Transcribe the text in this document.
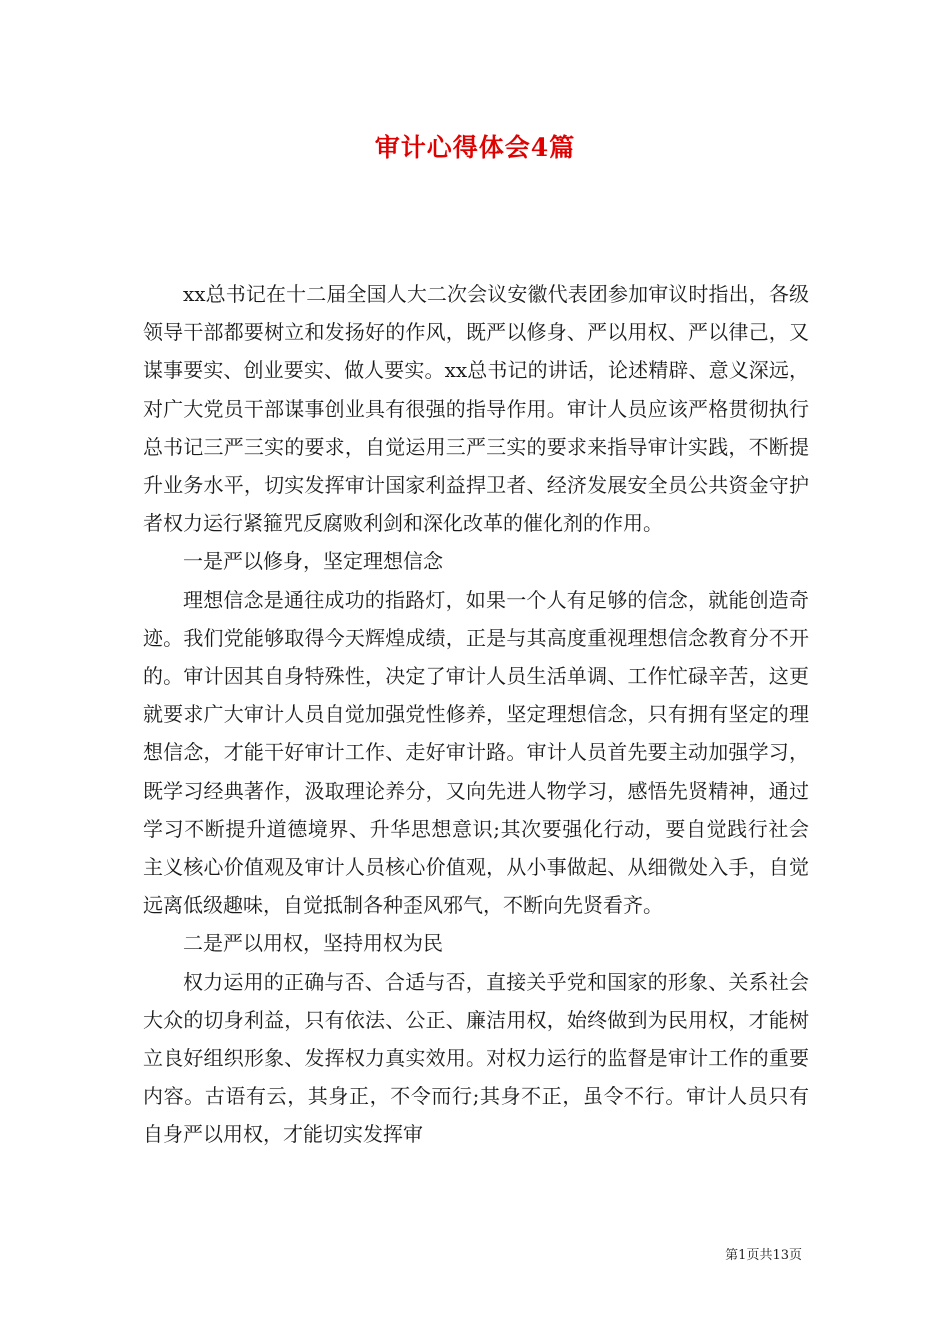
审计心得体会4篇

xx总书记在十二届全国人大二次会议安徽代表团参加审议时指出，各级领导干部都要树立和发扬好的作风，既严以修身、严以用权、严以律己，又谋事要实、创业要实、做人要实。xx总书记的讲话，论述精辟、意义深远，对广大党员干部谋事创业具有很强的指导作用。审计人员应该严格贯彻执行总书记三严三实的要求，自觉运用三严三实的要求来指导审计实践，不断提升业务水平，切实发挥审计国家利益捍卫者、经济发展安全员公共资金守护者权力运行紧箍咒反腐败利剑和深化改革的催化剂的作用。

一是严以修身，坚定理想信念

理想信念是通往成功的指路灯，如果一个人有足够的信念，就能创造奇迹。我们党能够取得今天辉煌成绩，正是与其高度重视理想信念教育分不开的。审计因其自身特殊性，决定了审计人员生活单调、工作忙碌辛苦，这更就要求广大审计人员自觉加强党性修养，坚定理想信念，只有拥有坚定的理想信念，才能干好审计工作、走好审计路。审计人员首先要主动加强学习，既学习经典著作，汲取理论养分，又向先进人物学习，感悟先贤精神，通过学习不断提升道德境界、升华思想意识;其次要强化行动，要自觉践行社会主义核心价值观及审计人员核心价值观，从小事做起、从细微处入手，自觉远离低级趣味，自觉抵制各种歪风邪气，不断向先贤看齐。

二是严以用权，坚持用权为民

权力运用的正确与否、合适与否，直接关乎党和国家的形象、关系社会大众的切身利益，只有依法、公正、廉洁用权，始终做到为民用权，才能树立良好组织形象、发挥权力真实效用。对权力运行的监督是审计工作的重要内容。古语有云，其身正，不令而行;其身不正，虽令不行。审计人员只有自身严以用权，才能切实发挥审

第1页共13页
